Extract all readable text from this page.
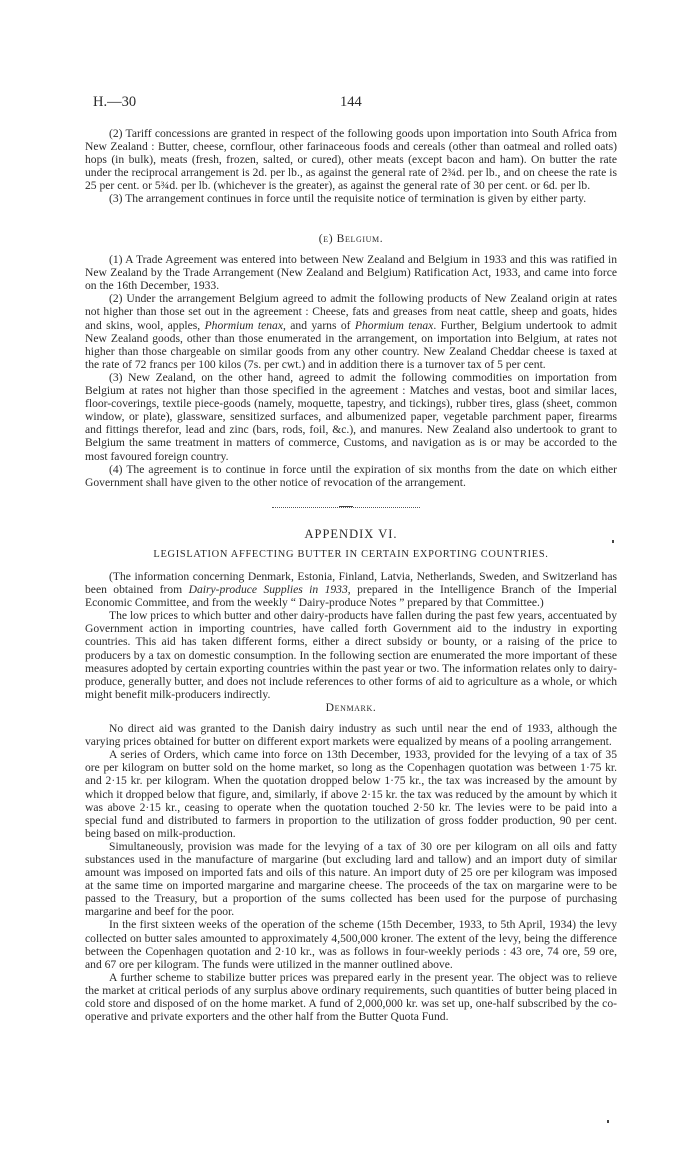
H.—30	144

(2) Tariff concessions are granted in respect of the following goods upon importation into South Africa from New Zealand : Butter, cheese, cornflour, other farinaceous foods and cereals (other than oatmeal and rolled oats) hops (in bulk), meats (fresh, frozen, salted, or cured), other meats (except bacon and ham). On butter the rate under the reciprocal arrangement is 2d. per lb., as against the general rate of 2¾d. per lb., and on cheese the rate is 25 per cent. or 5¾d. per lb. (whichever is the greater), as against the general rate of 30 per cent. or 6d. per lb.

(3) The arrangement continues in force until the requisite notice of termination is given by either party.

(e) Belgium.

(1) A Trade Agreement was entered into between New Zealand and Belgium in 1933 and this was ratified in New Zealand by the Trade Arrangement (New Zealand and Belgium) Ratification Act, 1933, and came into force on the 16th December, 1933.

(2) Under the arrangement Belgium agreed to admit the following products of New Zealand origin at rates not higher than those set out in the agreement : Cheese, fats and greases from neat cattle, sheep and goats, hides and skins, wool, apples, Phormium tenax, and yarns of Phormium tenax. Further, Belgium undertook to admit New Zealand goods, other than those enumerated in the arrangement, on importation into Belgium, at rates not higher than those chargeable on similar goods from any other country. New Zealand Cheddar cheese is taxed at the rate of 72 francs per 100 kilos (7s. per cwt.) and in addition there is a turnover tax of 5 per cent.

(3) New Zealand, on the other hand, agreed to admit the following commodities on importation from Belgium at rates not higher than those specified in the agreement : Matches and vestas, boot and similar laces, floor-coverings, textile piece-goods (namely, moquette, tapestry, and tickings), rubber tires, glass (sheet, common window, or plate), glassware, sensitized surfaces, and albumenized paper, vegetable parchment paper, firearms and fittings therefor, lead and zinc (bars, rods, foil, &c.), and manures. New Zealand also undertook to grant to Belgium the same treatment in matters of commerce, Customs, and navigation as is or may be accorded to the most favoured foreign country.

(4) The agreement is to continue in force until the expiration of six months from the date on which either Government shall have given to the other notice of revocation of the arrangement.

APPENDIX VI.
LEGISLATION AFFECTING BUTTER IN CERTAIN EXPORTING COUNTRIES.

(The information concerning Denmark, Estonia, Finland, Latvia, Netherlands, Sweden, and Switzerland has been obtained from Dairy-produce Supplies in 1933, prepared in the Intelligence Branch of the Imperial Economic Committee, and from the weekly “ Dairy-produce Notes ” prepared by that Committee.)

The low prices to which butter and other dairy-products have fallen during the past few years, accentuated by Government action in importing countries, have called forth Government aid to the industry in exporting countries. This aid has taken different forms, either a direct subsidy or bounty, or a raising of the price to producers by a tax on domestic consumption. In the following section are enumerated the more important of these measures adopted by certain exporting countries within the past year or two. The information relates only to dairy-produce, generally butter, and does not include references to other forms of aid to agriculture as a whole, or which might benefit milk-producers indirectly.

Denmark.

No direct aid was granted to the Danish dairy industry as such until near the end of 1933, although the varying prices obtained for butter on different export markets were equalized by means of a pooling arrangement.

A series of Orders, which came into force on 13th December, 1933, provided for the levying of a tax of 35 ore per kilogram on butter sold on the home market, so long as the Copenhagen quotation was between 1·75 kr. and 2·15 kr. per kilogram. When the quotation dropped below 1·75 kr., the tax was increased by the amount by which it dropped below that figure, and, similarly, if above 2·15 kr. the tax was reduced by the amount by which it was above 2·15 kr., ceasing to operate when the quotation touched 2·50 kr. The levies were to be paid into a special fund and distributed to farmers in proportion to the utilization of gross fodder production, 90 per cent. being based on milk-production.

Simultaneously, provision was made for the levying of a tax of 30 ore per kilogram on all oils and fatty substances used in the manufacture of margarine (but excluding lard and tallow) and an import duty of similar amount was imposed on imported fats and oils of this nature. An import duty of 25 ore per kilogram was imposed at the same time on imported margarine and margarine cheese. The proceeds of the tax on margarine were to be passed to the Treasury, but a proportion of the sums collected has been used for the purpose of purchasing margarine and beef for the poor.

In the first sixteen weeks of the operation of the scheme (15th December, 1933, to 5th April, 1934) the levy collected on butter sales amounted to approximately 4,500,000 kroner. The extent of the levy, being the difference between the Copenhagen quotation and 2·10 kr., was as follows in four-weekly periods : 43 ore, 74 ore, 59 ore, and 67 ore per kilogram. The funds were utilized in the manner outlined above.

A further scheme to stabilize butter prices was prepared early in the present year. The object was to relieve the market at critical periods of any surplus above ordinary requirements, such quantities of butter being placed in cold store and disposed of on the home market. A fund of 2,000,000 kr. was set up, one-half subscribed by the co-operative and private exporters and the other half from the Butter Quota Fund.
